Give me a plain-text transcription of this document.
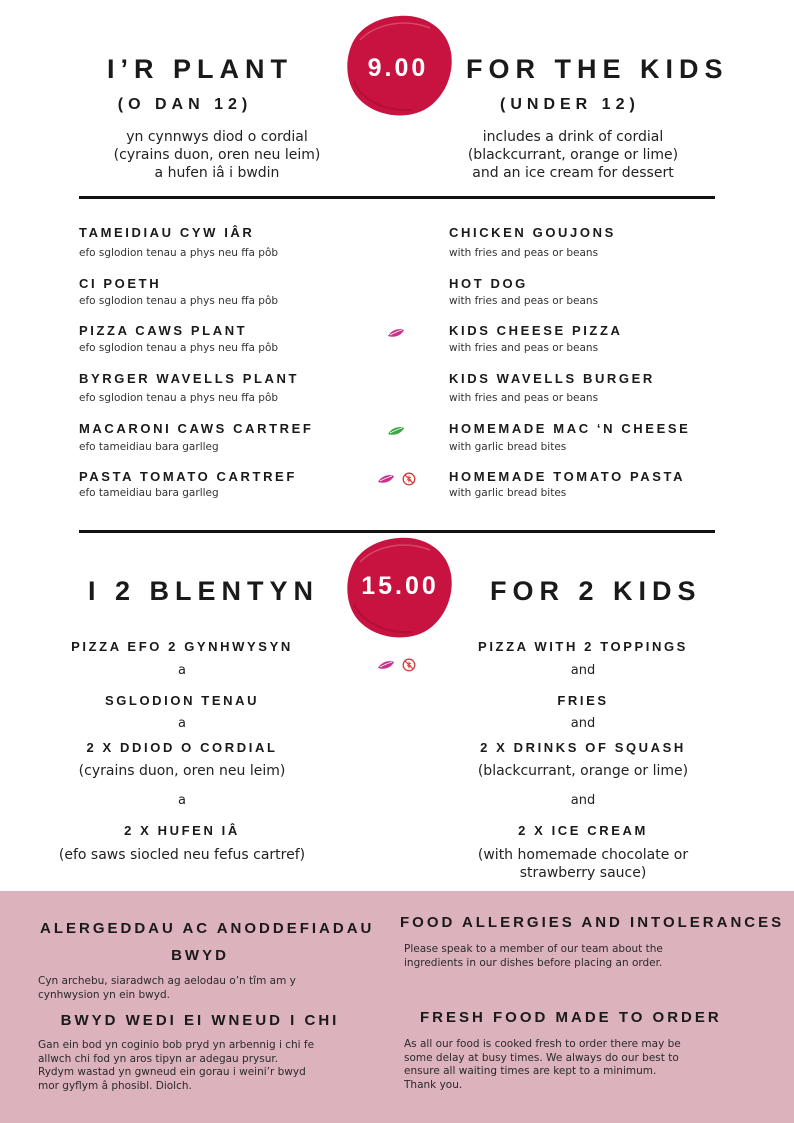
I’R PLANT
(O DAN 12)
yn cynnwys diod o cordial
(cyrains duon, oren neu leim)
a hufen iâ i bwdin
9.00 FOR THE KIDS
(UNDER 12)
includes a drink of cordial
(blackcurrant, orange or lime)
and an ice cream for dessert
TAMEIDIAU CYW IÂR
efo sglodion tenau a phys neu ffa pôb
CHICKEN GOUJONS
with fries and peas or beans
CI POETH
efo sglodion tenau a phys neu ffa pôb
HOT DOG
with fries and peas or beans
PIZZA CAWS PLANT
efo sglodion tenau a phys neu ffa pôb
KIDS CHEESE PIZZA
with fries and peas or beans
BYRGER WAVELLS PLANT
efo sglodion tenau a phys neu ffa pôb
KIDS WAVELLS BURGER
with fries and peas or beans
MACARONI CAWS CARTREF
efo tameidiau bara garlleg
HOMEMADE MAC ‘N CHEESE
with garlic bread bites
PASTA TOMATO CARTREF
efo tameidiau bara garlleg
HOMEMADE TOMATO PASTA
with garlic bread bites
I 2 BLENTYN 15.00 FOR 2 KIDS
PIZZA EFO 2 GYNHWYSYN
a
SGLODION TENAU
a
2 X DDIOD O CORDIAL
(cyrains duon, oren neu leim)
a
2 X HUFEN IÂ
(efo saws siocled neu fefus cartref)
PIZZA WITH 2 TOPPINGS
and
FRIES
and
2 X DRINKS OF SQUASH
(blackcurrant, orange or lime)
and
2 X ICE CREAM
(with homemade chocolate or
strawberry sauce)
ALERGEDDAU AC ANODDEFIADAU
BWYD
Cyn archebu, siaradwch ag aelodau o’n tîm am y
cynhwysion yn ein bwyd.
BWYD WEDI EI WNEUD I CHI
Gan ein bod yn coginio bob pryd yn arbennig i chi fe
allwch chi fod yn aros tipyn ar adegau prysur.
Rydym wastad yn gwneud ein gorau i weini’r bwyd
mor gyflym â phosibl. Diolch.
FOOD ALLERGIES AND INTOLERANCES
Please speak to a member of our team about the
ingredients in our dishes before placing an order.
FRESH FOOD MADE TO ORDER
As all our food is cooked fresh to order there may be
some delay at busy times. We always do our best to
ensure all waiting times are kept to a minimum.
Thank you.
